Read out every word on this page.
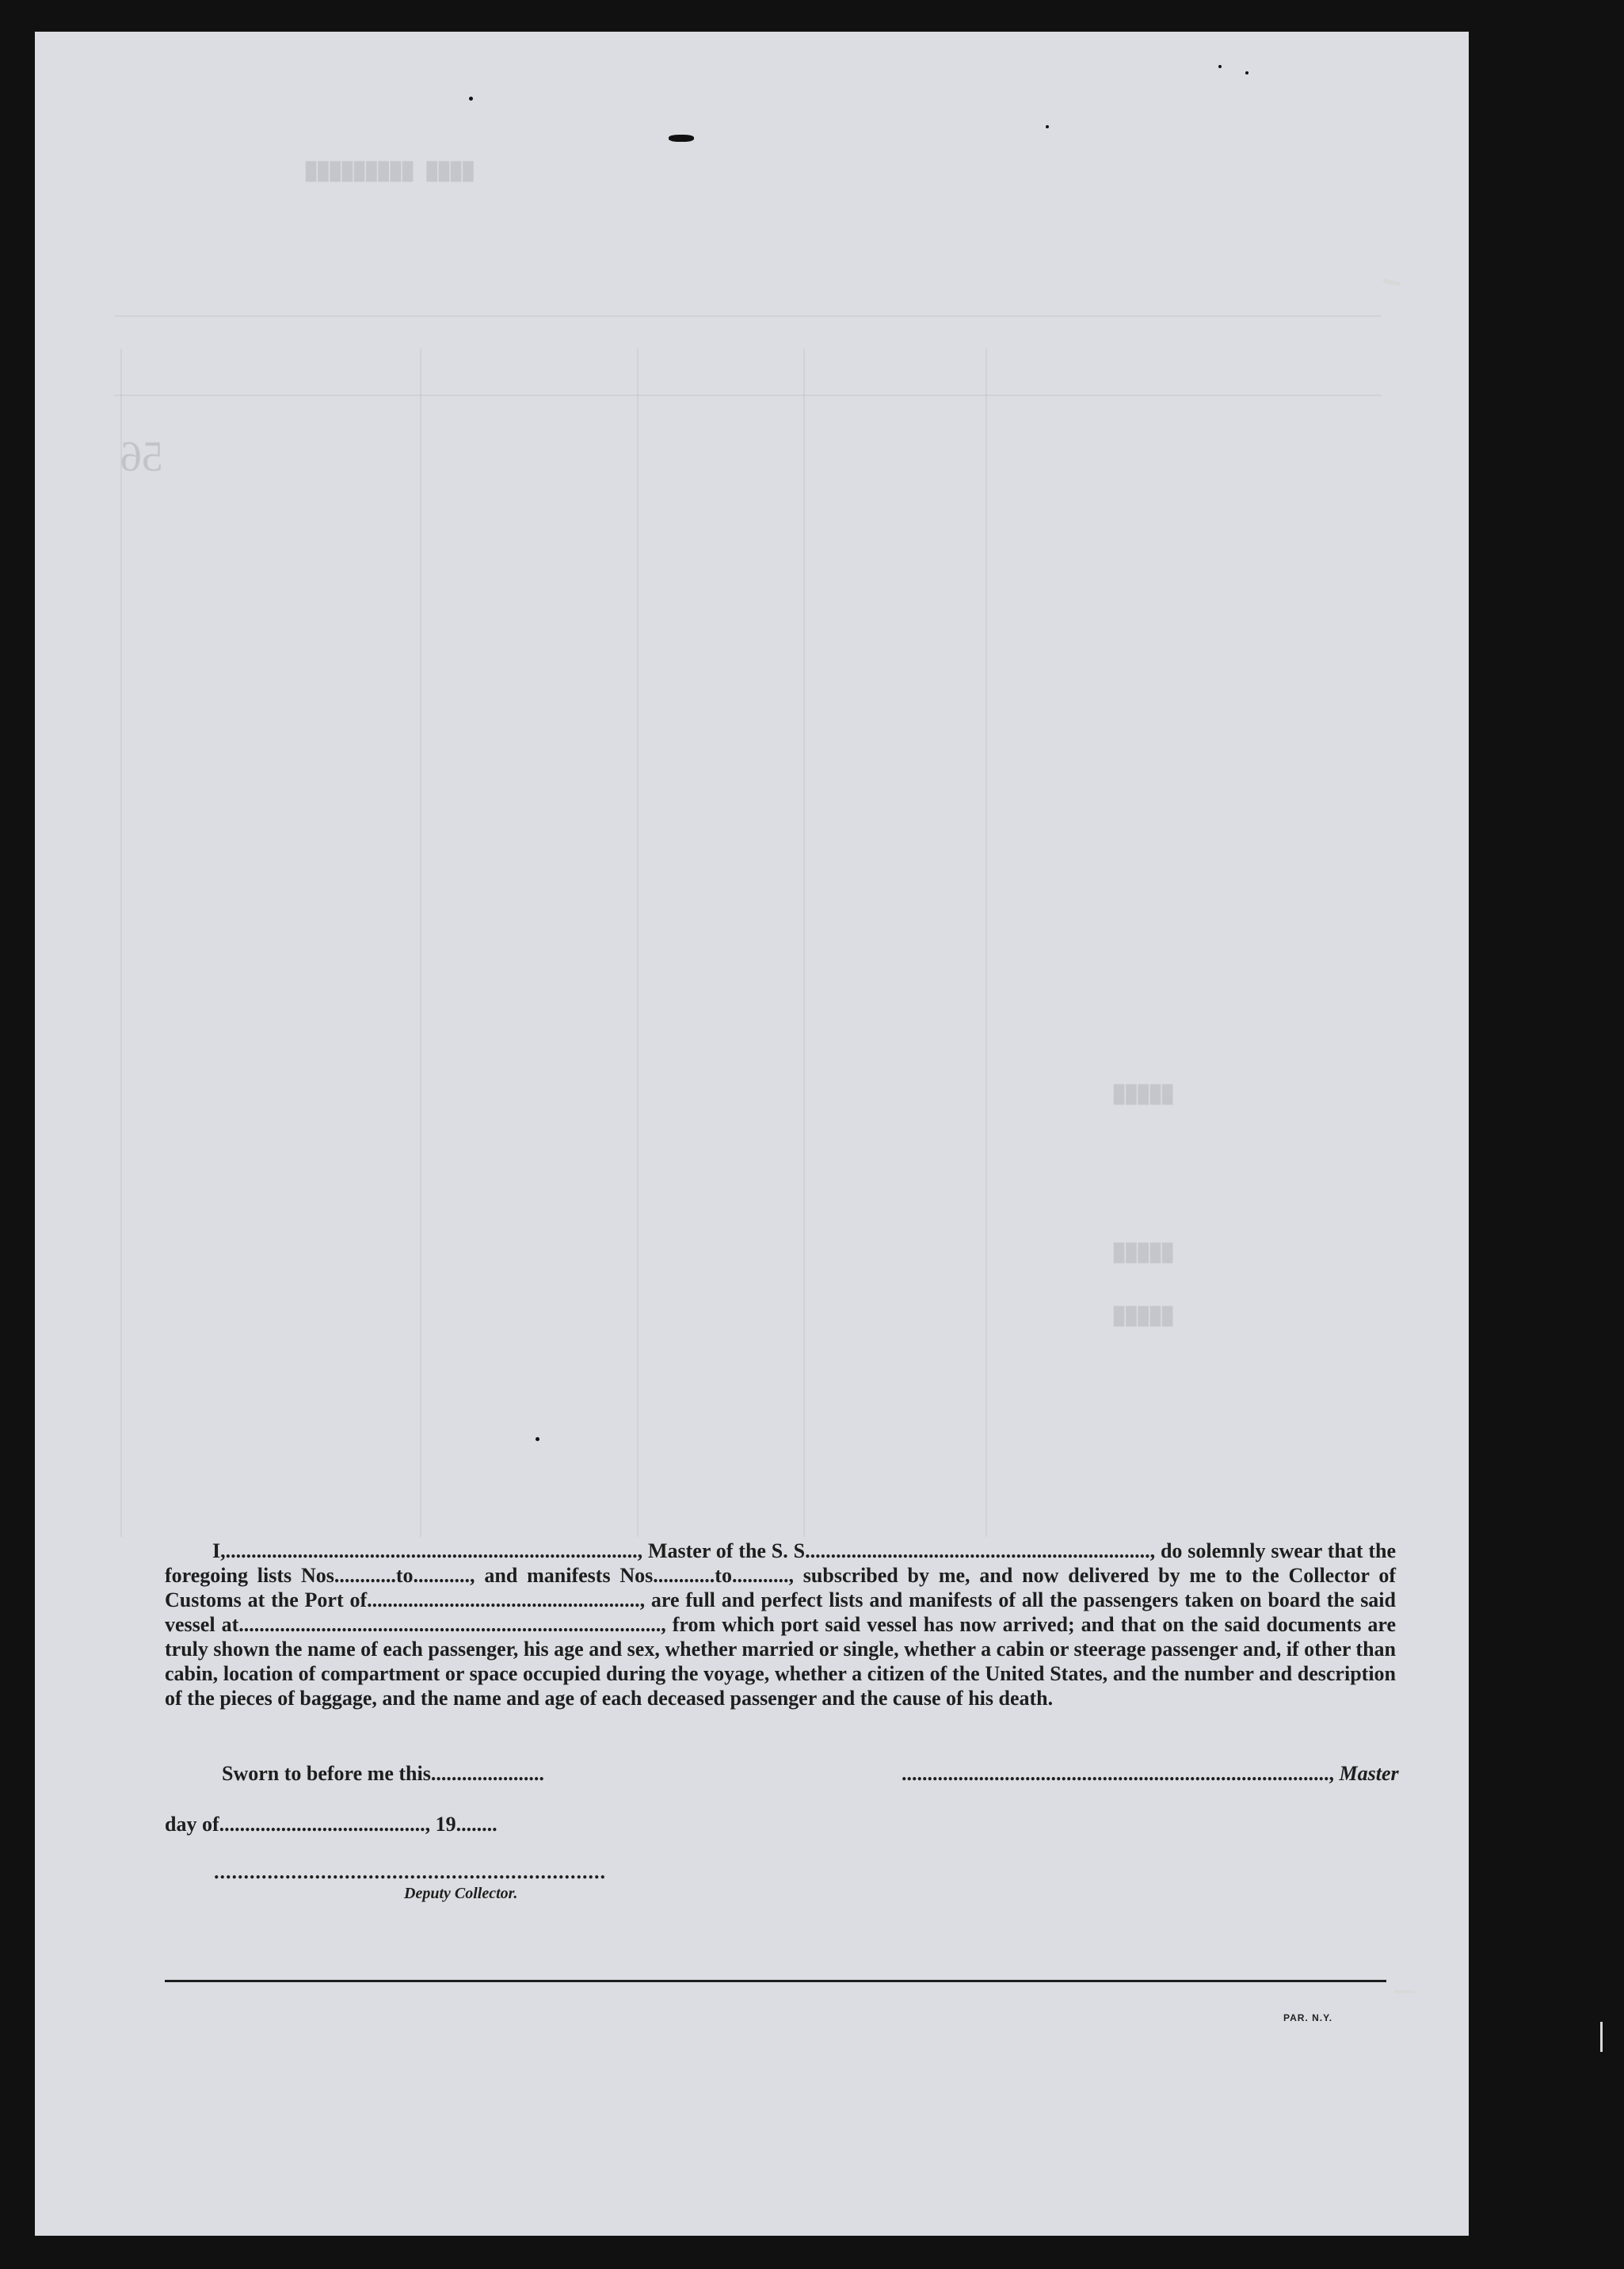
████ █████████
█████
█████
█████
56
I,................................................................................, Master of the S. S..................................................................., do solemnly swear that the foregoing lists Nos............to..........., and manifests Nos............to..........., subscribed by me, and now delivered by me to the Collector of Customs at the Port of....................................................., are full and perfect lists and manifests of all the passengers taken on board the said vessel at.................................................................................., from which port said vessel has now arrived; and that on the said documents are truly shown the name of each passenger, his age and sex, whether married or single, whether a cabin or steerage passenger and, if other than cabin, location of compartment or space occupied during the voyage, whether a citizen of the United States, and the number and description of the pieces of baggage, and the name and age of each deceased passenger and the cause of his death.
Sworn to before me this......................
day of........................................, 19........
..................................................................................., Master
..................................................................
Deputy Collector.
PAR. N.Y.
